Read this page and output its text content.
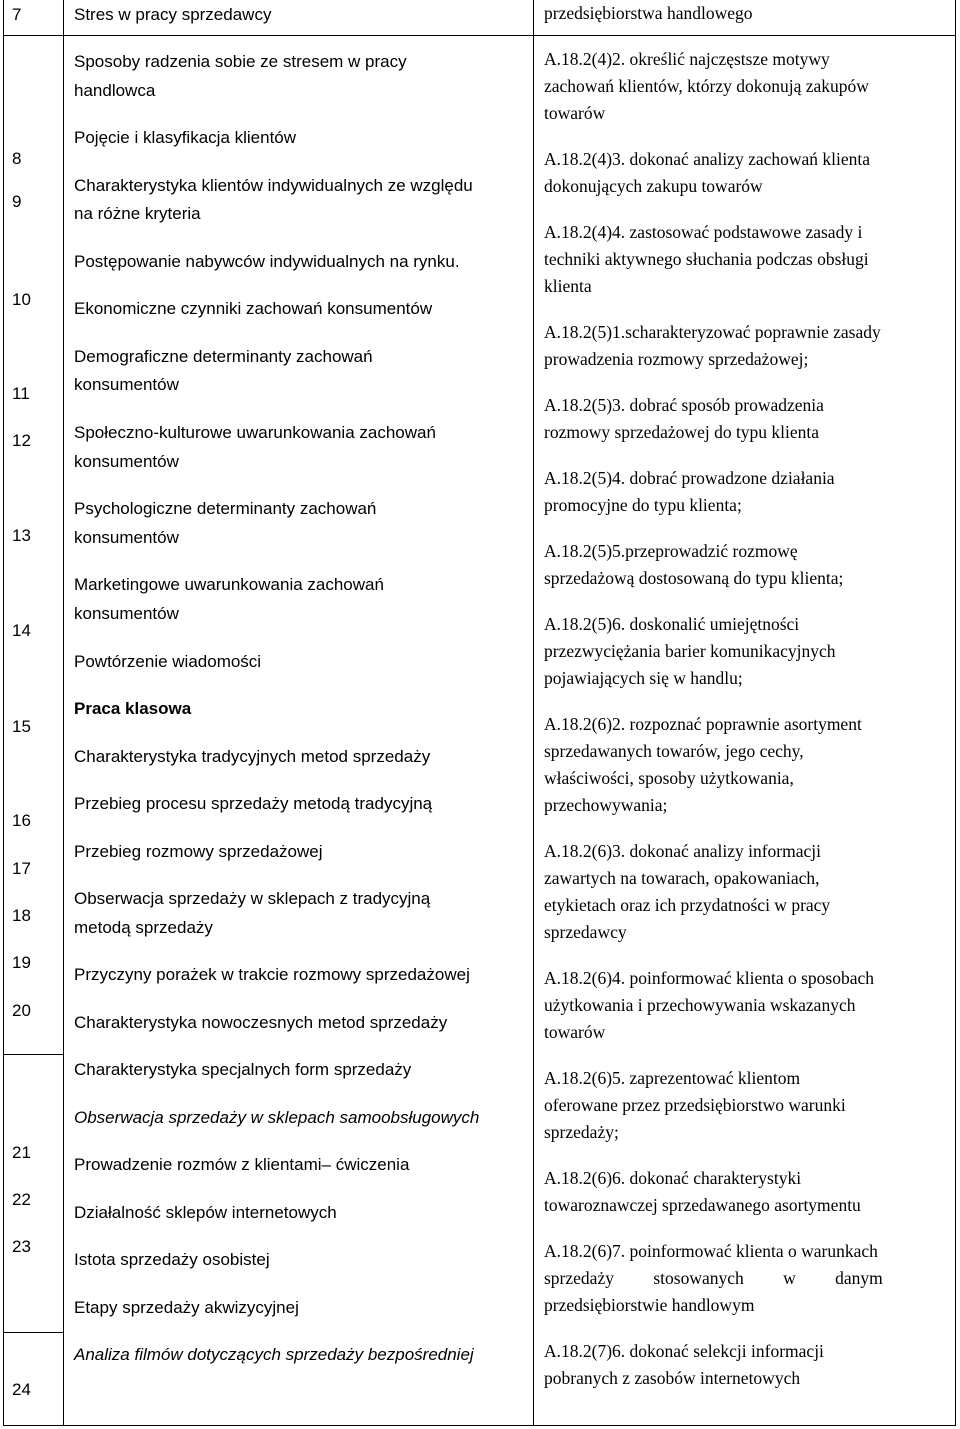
7	Stres w pracy sprzedawcy	przedsiębiorstwa handlowego
8
9
10
11
12
13
14
15
16
17
18
19
20
21
22
23
24
Sposoby radzenia sobie ze stresem w pracy
handlowca
Pojęcie i klasyfikacja klientów
Charakterystyka klientów indywidualnych ze względu
na różne kryteria
Postępowanie nabywców indywidualnych na rynku.
Ekonomiczne czynniki zachowań konsumentów
Demograficzne determinanty zachowań
konsumentów
Społeczno-kulturowe uwarunkowania zachowań
konsumentów
Psychologiczne determinanty zachowań
konsumentów
Marketingowe uwarunkowania zachowań
konsumentów
Powtórzenie wiadomości
Praca klasowa
Charakterystyka tradycyjnych metod sprzedaży
Przebieg procesu sprzedaży metodą tradycyjną
Przebieg rozmowy sprzedażowej
Obserwacja sprzedaży w sklepach z tradycyjną
metodą sprzedaży
Przyczyny porażek w trakcie rozmowy sprzedażowej
Charakterystyka nowoczesnych metod sprzedaży
Charakterystyka specjalnych form sprzedaży
Obserwacja sprzedaży w sklepach samoobsługowych
Prowadzenie rozmów z klientami– ćwiczenia
Działalność sklepów internetowych
Istota sprzedaży osobistej
Etapy sprzedaży akwizycyjnej
Analiza filmów dotyczących sprzedaży bezpośredniej
A.18.2(4)2. określić najczęstsze motywy
zachowań klientów, którzy dokonują zakupów
towarów
A.18.2(4)3. dokonać analizy zachowań klienta
dokonujących zakupu towarów
A.18.2(4)4. zastosować podstawowe zasady i
techniki aktywnego słuchania podczas obsługi
klienta
A.18.2(5)1.scharakteryzować poprawnie zasady
prowadzenia rozmowy sprzedażowej;
A.18.2(5)3. dobrać sposób prowadzenia
rozmowy sprzedażowej do typu klienta
A.18.2(5)4. dobrać prowadzone działania
promocyjne do typu klienta;
A.18.2(5)5.przeprowadzić rozmowę
sprzedażową dostosowaną do typu klienta;
A.18.2(5)6. doskonalić umiejętności
przezwyciężania barier komunikacyjnych
pojawiających się w handlu;
A.18.2(6)2. rozpoznać poprawnie asortyment
sprzedawanych towarów, jego cechy,
właściwości, sposoby użytkowania,
przechowywania;
A.18.2(6)3. dokonać analizy informacji
zawartych na towarach, opakowaniach,
etykietach oraz ich przydatności w pracy
sprzedawcy
A.18.2(6)4. poinformować klienta o sposobach
użytkowania i przechowywania wskazanych
towarów
A.18.2(6)5. zaprezentować klientom
oferowane przez przedsiębiorstwo warunki
sprzedaży;
A.18.2(6)6. dokonać charakterystyki
towaroznawczej sprzedawanego asortymentu
A.18.2(6)7. poinformować klienta o warunkach
sprzedaży         stosowanych         w         danym
przedsiębiorstwie handlowym
A.18.2(7)6. dokonać selekcji informacji
pobranych z zasobów internetowych
